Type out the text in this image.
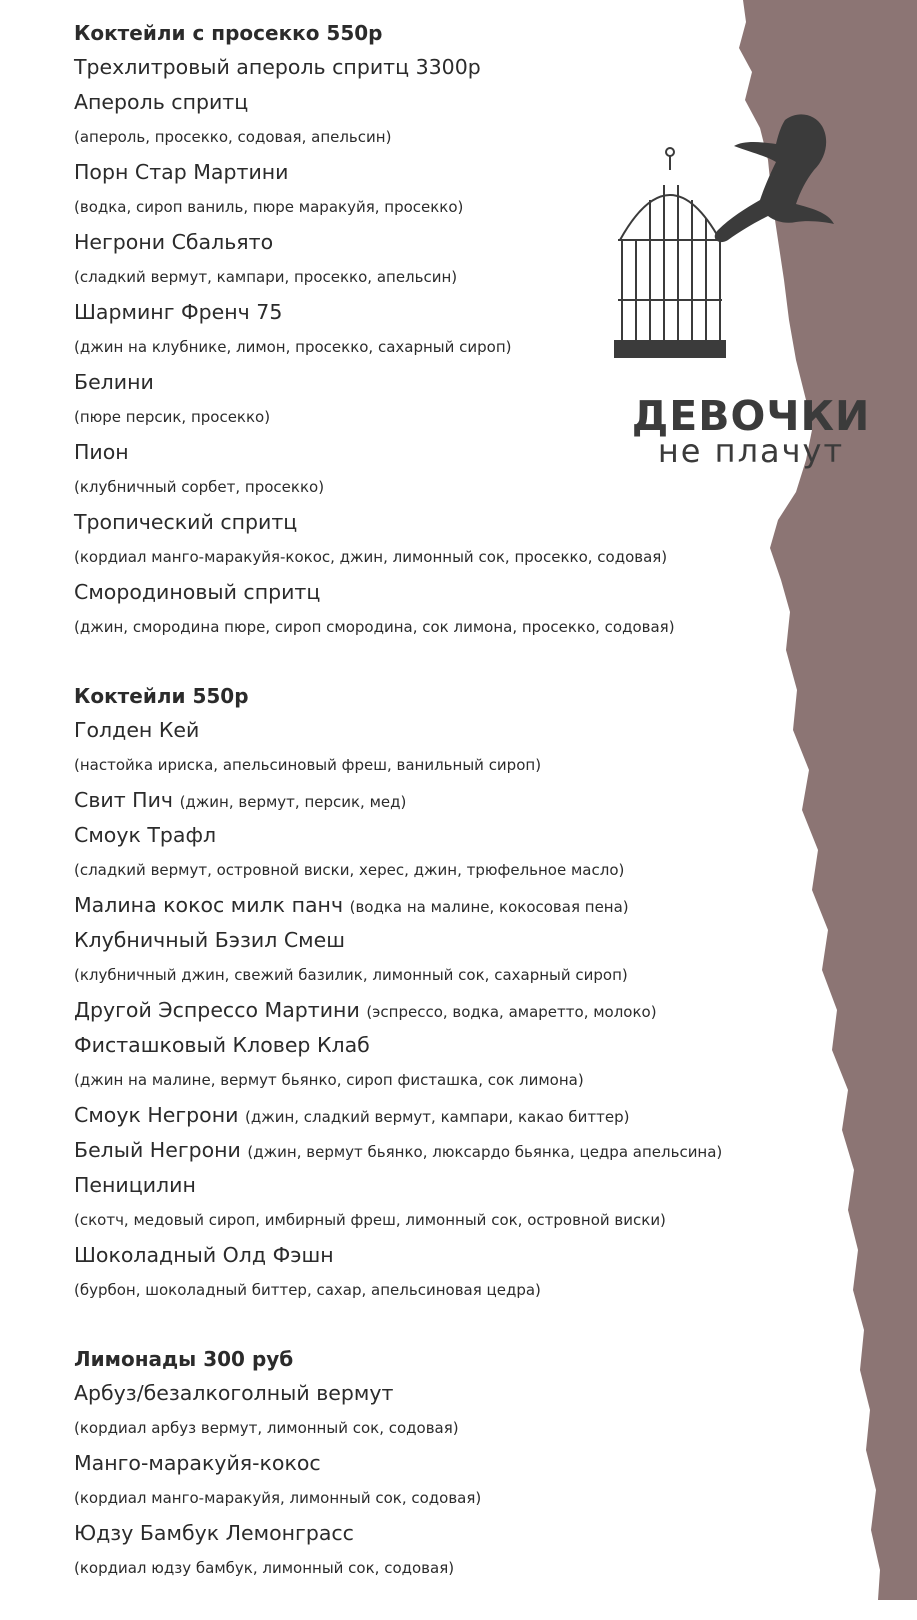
ДЕВОЧКИ
не плачут
Коктейли с просекко 550р
Трехлитровый апероль спритц 3300р
Апероль спритц
(апероль, просекко, содовая, апельсин)
Порн Стар Мартини
(водка, сироп ваниль, пюре маракуйя, просекко)
Негрони Сбальято
(сладкий вермут, кампари, просекко, апельсин)
Шарминг Френч 75
(джин на клубнике, лимон, просекко, сахарный сироп)
Белини
(пюре персик, просекко)
Пион
(клубничный сорбет, просекко)
Тропический спритц
(кордиал манго-маракуйя-кокос, джин, лимонный сок, просекко, содовая)
Смородиновый спритц
(джин, смородина пюре, сироп смородина, сок лимона, просекко, содовая)
Коктейли 550р
Голден Кей
(настойка ириска, апельсиновый фреш, ванильный сироп)
Свит Пич (джин, вермут, персик, мед)
Смоук Трафл
(сладкий вермут, островной виски, херес, джин, трюфельное масло)
Малина кокос милк панч (водка на малине, кокосовая пена)
Клубничный Бэзил Смеш
(клубничный джин, свежий базилик, лимонный сок, сахарный сироп)
Другой Эспрессо Мартини (эспрессо, водка, амаретто, молоко)
Фисташковый Кловер Клаб
(джин на малине, вермут бьянко, сироп фисташка, сок лимона)
Смоук Негрони (джин, сладкий вермут, кампари, какао биттер)
Белый Негрони (джин, вермут бьянко, люксардо бьянка, цедра апельсина)
Пеницилин
(скотч, медовый сироп, имбирный фреш, лимонный сок, островной виски)
Шоколадный Олд Фэшн
(бурбон, шоколадный биттер, сахар, апельсиновая цедра)
Лимонады 300 руб
Арбуз/безалкоголный вермут
(кордиал арбуз вермут, лимонный сок, содовая)
Манго-маракуйя-кокос
(кордиал манго-маракуйя, лимонный сок, содовая)
Юдзу Бамбук Лемонграсс
(кордиал юдзу бамбук, лимонный сок, содовая)
